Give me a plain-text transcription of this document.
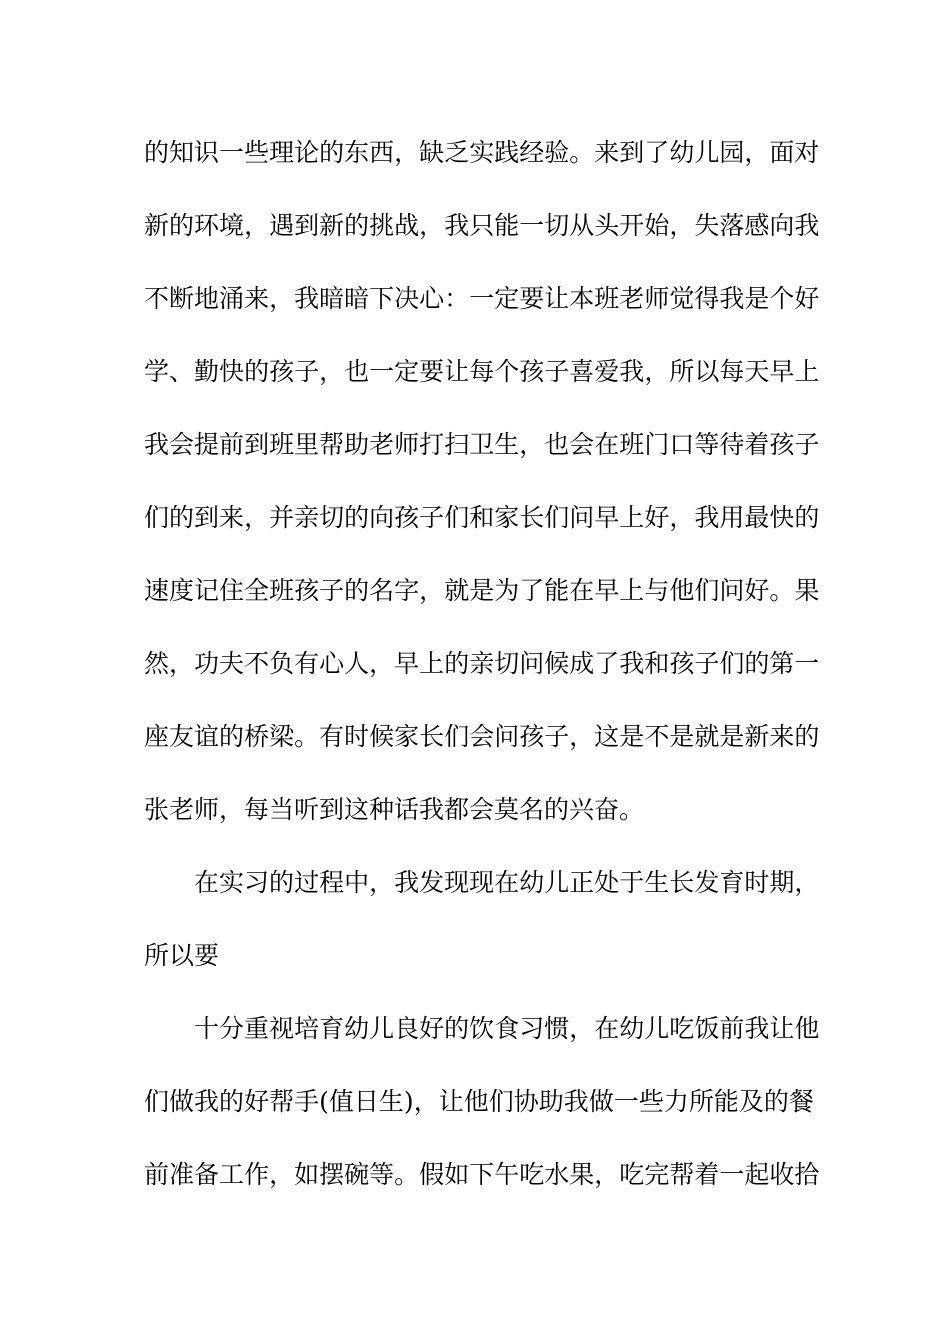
的 知 识 一 些 理 论 的 东 西 ， 缺 乏 实 践 经 验 。 来 到 了 幼 儿 园 ， 面 对
新 的 环 境 ， 遇 到 新 的 挑 战 ， 我 只 能 一 切 从 头 开 始 ， 失 落 感 向 我
不 断 地 涌 来 ， 我 暗 暗 下 决 心 ： 一 定 要 让 本 班 老 师 觉 得 我 是 个 好
学 、 勤 快 的 孩 子 ， 也 一 定 要 让 每 个 孩 子 喜 爱 我 ， 所 以 每 天 早 上
我 会 提 前 到 班 里 帮 助 老 师 打 扫 卫 生 ， 也 会 在 班 门 口 等 待 着 孩 子
们 的 到 来 ， 并 亲 切 的 向 孩 子 们 和 家 长 们 问 早 上 好 ， 我 用 最 快 的
速 度 记 住 全 班 孩 子 的 名 字 ， 就 是 为 了 能 在 早 上 与 他 们 问 好 。 果
然 ， 功 夫 不 负 有 心 人 ， 早 上 的 亲 切 问 候 成 了 我 和 孩 子 们 的 第 一
座 友 谊 的 桥 梁 。 有 时 候 家 长 们 会 问 孩 子 ， 这 是 不 是 就 是 新 来 的
张老师，每当听到这种话我都会莫名的兴奋。
在 实 习 的 过 程 中 ， 我 发 现 现 在 幼 儿 正 处 于 生 长 发 育 时 期 ，
所以要
十 分 重 视 培 育 幼 儿 良 好 的 饮 食 习 惯 ， 在 幼 儿 吃 饭 前 我 让 他
们 做 我 的 好 帮 手 ( 值 日 生 ) ， 让 他 们 协 助 我 做 一 些 力 所 能 及 的 餐
前 准 备 工 作 ， 如 摆 碗 等 。 假 如 下 午 吃 水 果 ， 吃 完 帮 着 一 起 收 拾
